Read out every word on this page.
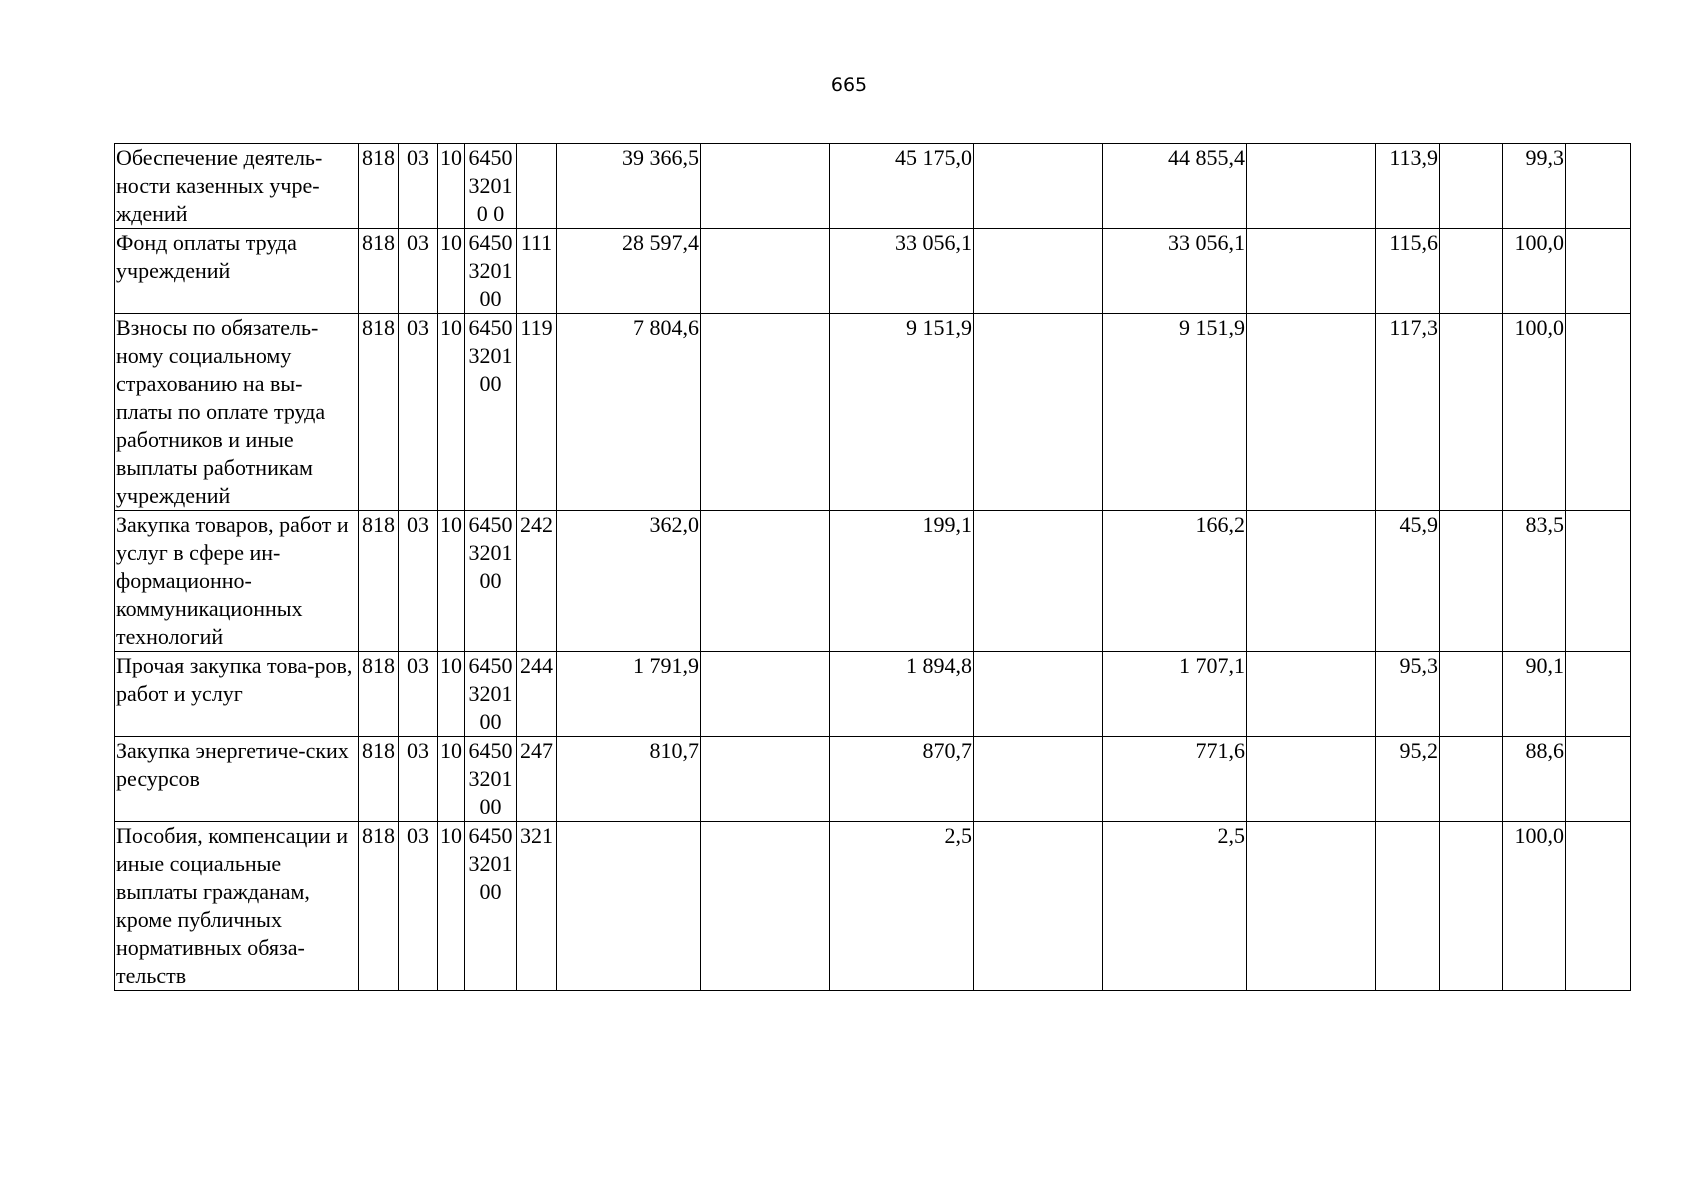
665
Обеспечение деятель-ности казенных учре-ждений	818	03	10	645032010 0		39 366,5		45 175,0		44 855,4		113,9		99,3	
Фонд оплаты труда учреждений	818	03	10	6450320100	111	28 597,4		33 056,1		33 056,1		115,6		100,0	
Взносы по обязатель-ному социальному страхованию на вы-платы по оплате труда работников и иные выплаты работникам учреждений	818	03	10	6450320100	119	7 804,6		9 151,9		9 151,9		117,3		100,0	
Закупка товаров, работ и услуг в сфере ин-формационно-коммуникационных технологий	818	03	10	6450320100	242	362,0		199,1		166,2		45,9		83,5	
Прочая закупка това-ров, работ и услуг	818	03	10	6450320100	244	1 791,9		1 894,8		1 707,1		95,3		90,1	
Закупка энергетиче-ских ресурсов	818	03	10	6450320100	247	810,7		870,7		771,6		95,2		88,6	
Пособия, компенсации и иные социальные выплаты гражданам, кроме публичных нормативных обяза-тельств	818	03	10	6450320100	321			2,5		2,5				100,0	
